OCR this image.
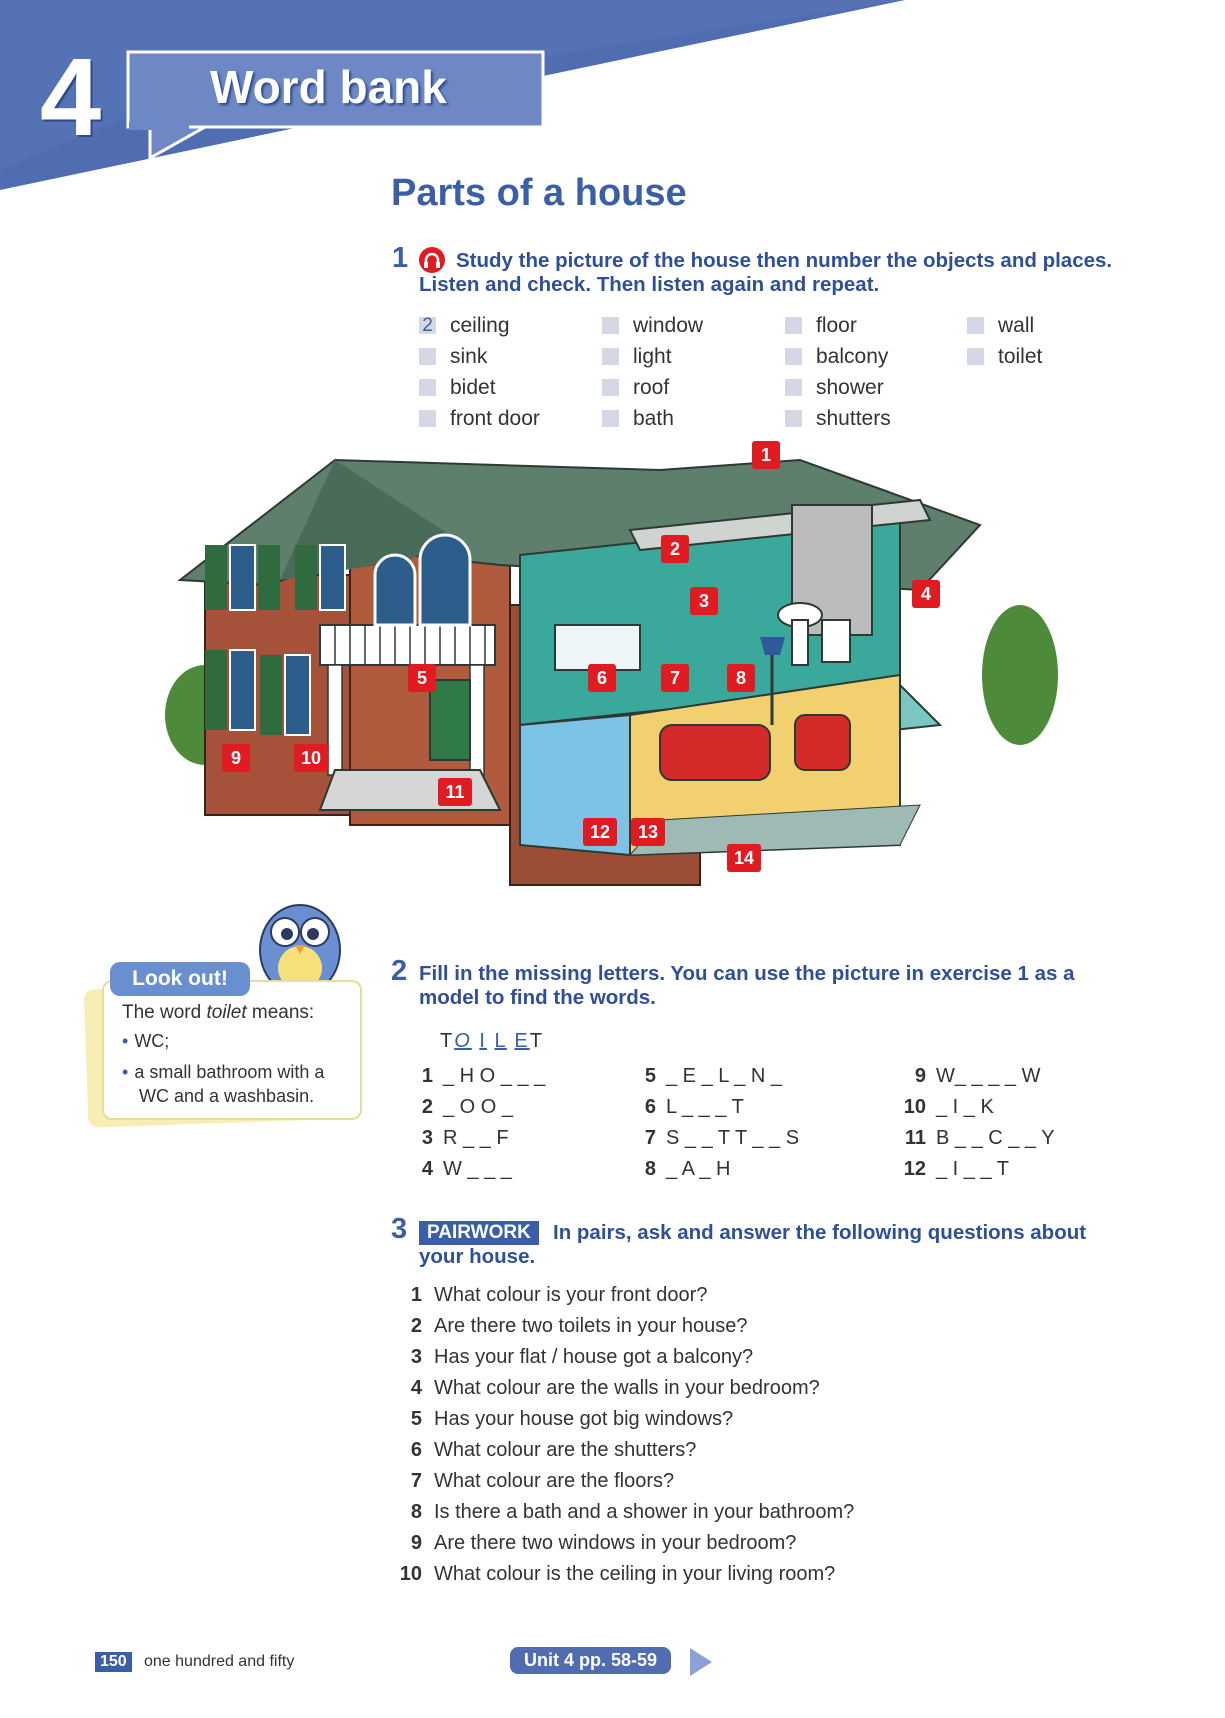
4 Word bank
Parts of a house
1 Study the picture of the house then number the objects and places.
Listen and check. Then listen again and repeat.
2 ceiling
sink
bidet
front door
window
light
roof
bath
floor
balcony
shower
shutters
wall
toilet
1
2
3	4
5	6	7	8
9	10
11
12	13
14
The word toilet means:
• WC;
• a small bathroom with a
WC and a washbasin.
Look out!	2 Fill in the missing letters. You can use the picture in exercise 1 as a
model to find the words.
TO I L ET
1 _ H O _ _ _
2 _ O O _
3 R _ _ F
4 W _ _ _
5 _ E _ L _ N _
6 L _ _ _ T
7 S _ _ T T _ _ S
8 _ A _ H
9 W_ _ _ _ W
10 _ I _ K
11 B _ _ C _ _ Y
12 _ I _ _ T
3	PAIRWORK	In pairs, ask and answer the following questions about
your house.
1 What colour is your front door?
2 Are there two toilets in your house?
3 Has your flat / house got a balcony?
4 What colour are the walls in your bedroom?
5 Has your house got big windows?
6 What colour are the shutters?
7 What colour are the floors?
8 Is there a bath and a shower in your bathroom?
9 Are there two windows in your bedroom?
10 What colour is the ceiling in your living room?
150	one hundred and fifty	Unit 4 pp. 58-59
